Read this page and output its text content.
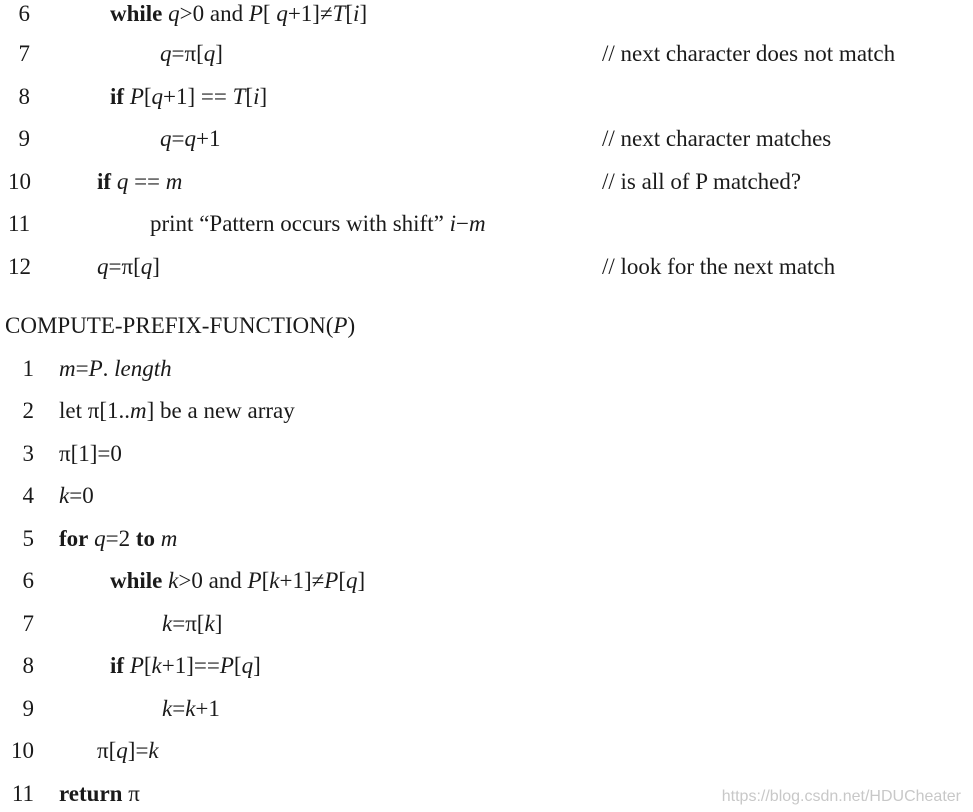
6	while q>0 and P[ q+1]≠T[i]
7	q=π[q]	// next character does not match
8	if P[q+1] == T[i]
9	q=q+1	// next character matches
10	if q == m	// is all of P matched?
11	print “Pattern occurs with shift” i−m
12	q=π[q]	// look for the next match
COMPUTE-PREFIX-FUNCTION(P)
1 m=P. length
2 let π[1..m] be a new array
3 π[1]=0
4 k=0
5 for q=2 to m
6	while k>0 and P[k+1]≠P[q]
7	k=π[k]
8	if P[k+1]==P[q]
9	k=k+1
10	π[q]=k
11 return π	https://blog.csdn.net/HDUCheater
